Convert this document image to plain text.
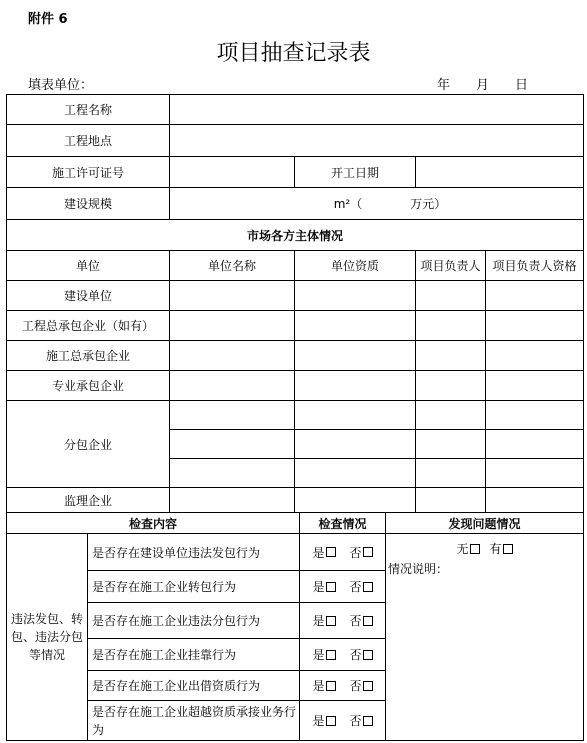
附件 6
项目抽查记录表
填表单位：	年 月 日
工程名称				
工程地点				
施工许可证号		开工日期		
建设规模	m²（ 万元）			
市场各方主体情况				
单位	单位名称	单位资质	项目负责人	项目负责人资格
建设单位				
工程总承包企业（如有）				
施工总承包企业				
专业承包企业				
分包企业				

监理企业				
检查内容		检查情况	发现问题情况
违法发包、转包、违法分包等情况	是否存在建设单位违法发包行为	是 否	无 有
情况说明：

	是否存在施工企业转包行为	是 否	
	是否存在施工企业违法分包行为	是 否	
	是否存在施工企业挂靠行为	是 否	
	是否存在施工企业出借资质行为	是 否	
	是否存在施工企业超越资质承接业务行为	是 否	
